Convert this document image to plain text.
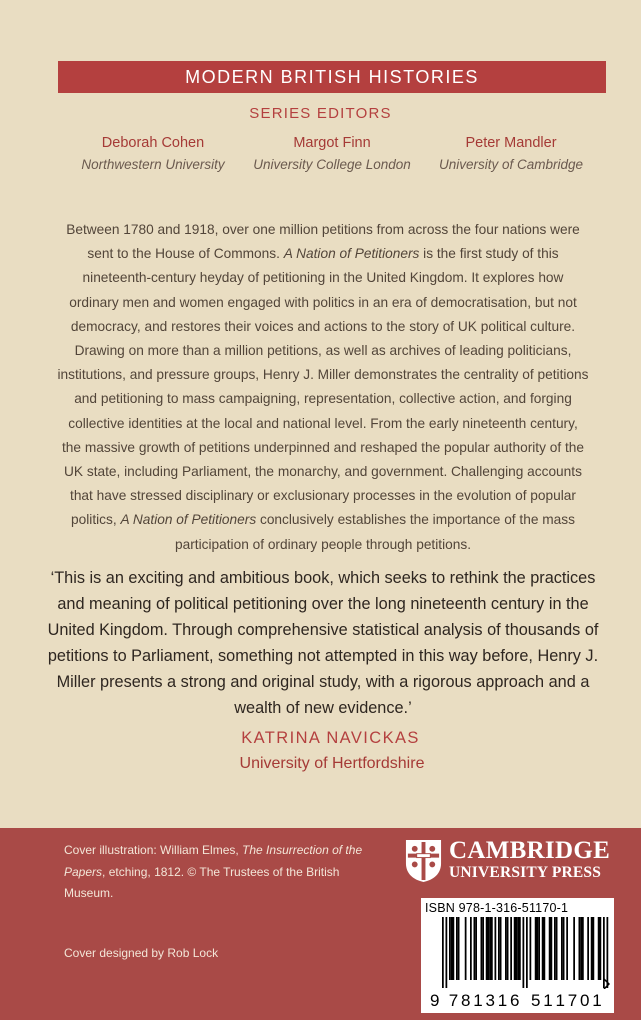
MODERN BRITISH HISTORIES
SERIES EDITORS
Deborah Cohen
Northwestern University
Margot Finn
University College London
Peter Mandler
University of Cambridge
Between 1780 and 1918, over one million petitions from across the four nations were sent to the House of Commons. A Nation of Petitioners is the first study of this nineteenth-century heyday of petitioning in the United Kingdom. It explores how ordinary men and women engaged with politics in an era of democratisation, but not democracy, and restores their voices and actions to the story of UK political culture. Drawing on more than a million petitions, as well as archives of leading politicians, institutions, and pressure groups, Henry J. Miller demonstrates the centrality of petitions and petitioning to mass campaigning, representation, collective action, and forging collective identities at the local and national level. From the early nineteenth century, the massive growth of petitions underpinned and reshaped the popular authority of the UK state, including Parliament, the monarchy, and government. Challenging accounts that have stressed disciplinary or exclusionary processes in the evolution of popular politics, A Nation of Petitioners conclusively establishes the importance of the mass participation of ordinary people through petitions.
‘This is an exciting and ambitious book, which seeks to rethink the practices and meaning of political petitioning over the long nineteenth century in the United Kingdom. Through comprehensive statistical analysis of thousands of petitions to Parliament, something not attempted in this way before, Henry J. Miller presents a strong and original study, with a rigorous approach and a wealth of new evidence.’
KATRINA NAVICKAS
University of Hertfordshire
Cover illustration: William Elmes, The Insurrection of the Papers, etching, 1812. © The Trustees of the British Museum.
Cover designed by Rob Lock
CAMBRIDGE
UNIVERSITY PRESS
ISBN 978-1-316-51170-1
9 7 8 1 3 1 6 5 1 1 7 0 1
